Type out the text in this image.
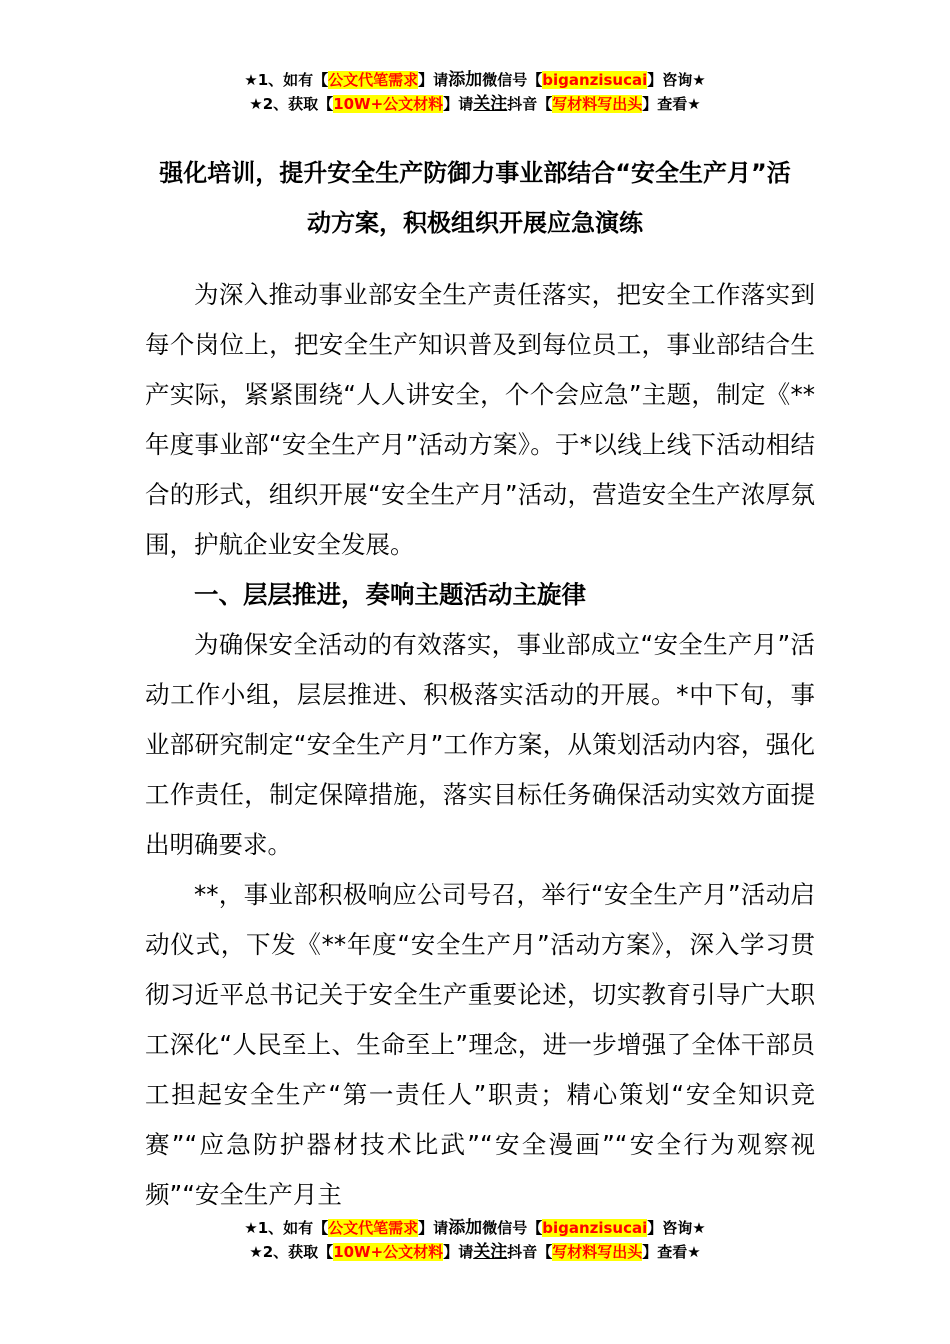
★1、如有【公文代笔需求】请添加微信号【biganzisucai】咨询★
★2、获取【10W+公文材料】请关注抖音【写材料写出头】查看★
强化培训，提升安全生产防御力事业部结合“安全生产月”活动方案，积极组织开展应急演练

为深入推动事业部安全生产责任落实，把安全工作落实到每个岗位上，把安全生产知识普及到每位员工，事业部结合生产实际，紧紧围绕“人人讲安全，个个会应急”主题，制定《**年度事业部“安全生产月”活动方案》。于*以线上线下活动相结合的形式，组织开展“安全生产月”活动，营造安全生产浓厚氛围，护航企业安全发展。

一、层层推进，奏响主题活动主旋律

为确保安全活动的有效落实，事业部成立“安全生产月”活动工作小组，层层推进、积极落实活动的开展。*中下旬，事业部研究制定“安全生产月”工作方案，从策划活动内容，强化工作责任，制定保障措施，落实目标任务确保活动实效方面提出明确要求。

**，事业部积极响应公司号召，举行“安全生产月”活动启动仪式，下发《**年度“安全生产月”活动方案》，深入学习贯彻习近平总书记关于安全生产重要论述，切实教育引导广大职工深化“人民至上、生命至上”理念，进一步增强了全体干部员工担起安全生产“第一责任人”职责；精心策划“安全知识竞赛”“应急防护器材技术比武”“安全漫画”“安全行为观察视频”“安全生产月主

★1、如有【公文代笔需求】请添加微信号【biganzisucai】咨询★
★2、获取【10W+公文材料】请关注抖音【写材料写出头】查看★
